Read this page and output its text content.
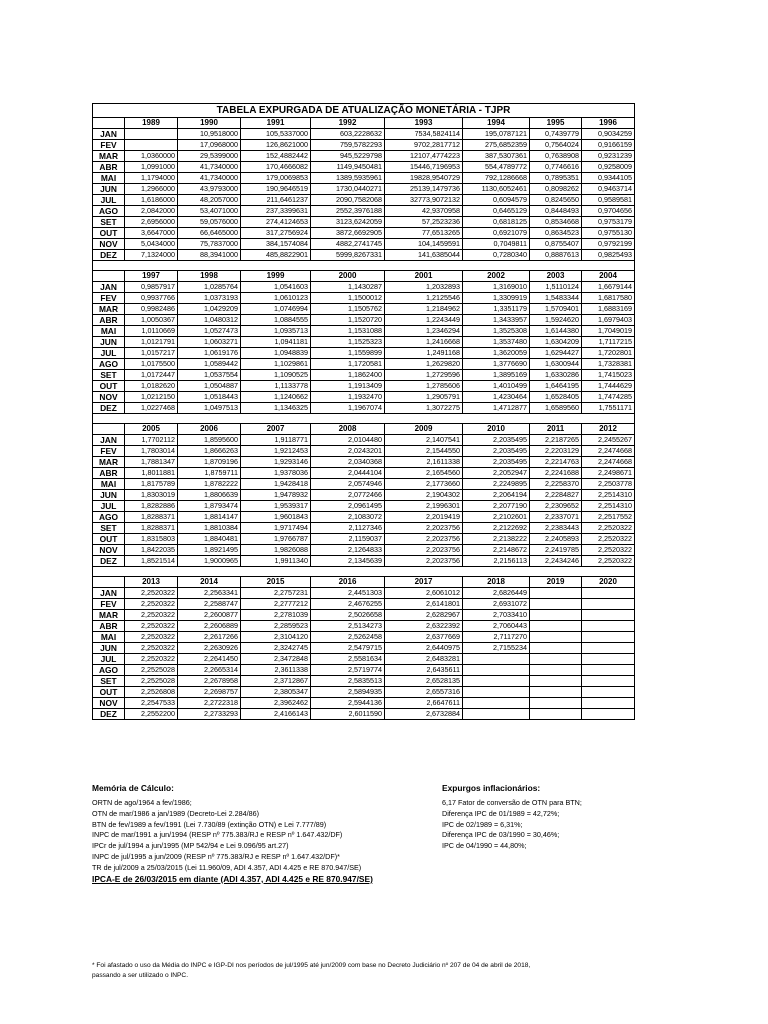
TABELA EXPURGADA DE ATUALIZAÇÃO MONETÁRIA - TJPR								
	1989	1990	1991	1992	1993	1994	1995	1996
JAN		10,9518000	105,5337000	603,2228632	7534,5824114	195,0787121	0,7439779	0,9034259
FEV		17,0968000	126,8621000	759,5782293	9702,2817712	275,6852359	0,7564024	0,9166159
MAR	1,0360000	29,5399000	152,4882442	945,5229798	12107,4774223	387,5307361	0,7638908	0,9231239
ABR	1,0991000	41,7340000	170,4666082	1149,9450481	15446,7196953	554,4789772	0,7746616	0,9258009
MAI	1,1794000	41,7340000	179,0069853	1389,5935961	19828,9540729	792,1286668	0,7895351	0,9344105
JUN	1,2966000	43,9793000	190,9646519	1730,0440271	25139,1479736	1130,6052461	0,8098262	0,9463714
JUL	1,6186000	48,2057000	211,6461237	2090,7582068	32773,9072132	0,6094579	0,8245650	0,9589581
AGO	2,0842000	53,4071000	237,3399631	2552,3976188	42,9370958	0,6465129	0,8448493	0,9704656
SET	2,6956000	59,0576000	274,4124653	3123,6242059	57,2523236	0,6818125	0,8534668	0,9753179
OUT	3,6647000	66,6465000	317,2756924	3872,6692905	77,6513265	0,6921079	0,8634523	0,9755130
NOV	5,0434000	75,7837000	384,1574084	4882,2741745	104,1459591	0,7049811	0,8755407	0,9792199
DEZ	7,1324000	88,3941000	485,8822901	5999,8267331	141,6385044	0,7280340	0,8887613	0,9825493

	1997	1998	1999	2000	2001	2002	2003	2004
JAN	0,9857917	1,0285764	1,0541603	1,1430287	1,2032893	1,3169010	1,5110124	1,6679144
FEV	0,9937766	1,0373193	1,0610123	1,1500012	1,2125546	1,3309919	1,5483344	1,6817580
MAR	0,9982486	1,0429209	1,0746994	1,1505762	1,2184962	1,3351179	1,5709401	1,6883169
ABR	1,0050367	1,0480312	1,0884555	1,1520720	1,2243449	1,3433957	1,5924620	1,6979403
MAI	1,0110669	1,0527473	1,0935713	1,1531088	1,2346294	1,3525308	1,6144380	1,7049019
JUN	1,0121791	1,0603271	1,0941181	1,1525323	1,2416668	1,3537480	1,6304209	1,7117215
JUL	1,0157217	1,0619176	1,0948839	1,1559899	1,2491168	1,3620059	1,6294427	1,7202801
AGO	1,0175500	1,0589442	1,1029861	1,1720581	1,2629820	1,3776690	1,6300944	1,7328381
SET	1,0172447	1,0537554	1,1090525	1,1862400	1,2729596	1,3895169	1,6330286	1,7415023
OUT	1,0182620	1,0504887	1,1133778	1,1913409	1,2785606	1,4010499	1,6464195	1,7444629
NOV	1,0212150	1,0518443	1,1240662	1,1932470	1,2905791	1,4230464	1,6528405	1,7474285
DEZ	1,0227468	1,0497513	1,1346325	1,1967074	1,3072275	1,4712877	1,6589560	1,7551171

	2005	2006	2007	2008	2009	2010	2011	2012
JAN	1,7702112	1,8595600	1,9118771	2,0104480	2,1407541	2,2035495	2,2187265	2,2455267
FEV	1,7803014	1,8666263	1,9212453	2,0243201	2,1544550	2,2035495	2,2203129	2,2474668
MAR	1,7881347	1,8709196	1,9293146	2,0340368	2,1611338	2,2035495	2,2214763	2,2474668
ABR	1,8011881	1,8759711	1,9378036	2,0444104	2,1654560	2,2052947	2,2241688	2,2498671
MAI	1,8175789	1,8782222	1,9428418	2,0574946	2,1773660	2,2249895	2,2258370	2,2503778
JUN	1,8303019	1,8806639	1,9478932	2,0772466	2,1904302	2,2064194	2,2284827	2,2514310
JUL	1,8282886	1,8793474	1,9539317	2,0961495	2,1996301	2,2077190	2,2309652	2,2514310
AGO	1,8288371	1,8814147	1,9601843	2,1083072	2,2019419	2,2102601	2,2337071	2,2517552
SET	1,8288371	1,8810384	1,9717494	2,1127346	2,2023756	2,2122692	2,2383443	2,2520322
OUT	1,8315803	1,8840481	1,9766787	2,1159037	2,2023756	2,2138222	2,2405893	2,2520322
NOV	1,8422035	1,8921495	1,9826088	2,1264833	2,2023756	2,2148672	2,2419785	2,2520322
DEZ	1,8521514	1,9000965	1,9911340	2,1345639	2,2023756	2,2156113	2,2434246	2,2520322

	2013	2014	2015	2016	2017	2018	2019	2020
JAN	2,2520322	2,2563341	2,2757231	2,4451303	2,6061012	2,6826449		
FEV	2,2520322	2,2588747	2,2777212	2,4676255	2,6141801	2,6931072		
MAR	2,2520322	2,2600877	2,2781039	2,5026658	2,6282967	2,7033410		
ABR	2,2520322	2,2606889	2,2859523	2,5134273	2,6322392	2,7060443		
MAI	2,2520322	2,2617266	2,3104120	2,5262458	2,6377669	2,7117270		
JUN	2,2520322	2,2630926	2,3242745	2,5479715	2,6440975	2,7155234		
JUL	2,2520322	2,2641450	2,3472848	2,5581634	2,6483281			
AGO	2,2525028	2,2665314	2,3611338	2,5719774	2,6435611			
SET	2,2525028	2,2678958	2,3712867	2,5835513	2,6528135			
OUT	2,2526808	2,2698757	2,3805347	2,5894935	2,6557316			
NOV	2,2547533	2,2722318	2,3962462	2,5944136	2,6647611			
DEZ	2,2552200	2,2733293	2,4166143	2,6011590	2,6732884			
Memória de Cálculo:
ORTN de ago/1964 a fev/1986;
OTN de mar/1986 a jan/1989 (Decreto-Lei 2.284/86)
BTN de fev/1989 a fev/1991 (Lei 7.730/89 (extinção OTN) e Lei 7.777/89)
INPC de mar/1991 a jun/1994 (RESP nº 775.383/RJ e RESP nº 1.647.432/DF)
IPCr de jul/1994 a jun/1995 (MP 542/94 e Lei 9.096/95 art.27)
INPC de jul/1995 a jun/2009 (RESP nº 775.383/RJ e RESP nº 1.647.432/DF)*
TR de jul/2009 a 25/03/2015 (Lei 11.960/09, ADI 4.357, ADI 4.425 e RE 870.947/SE)
IPCA-E de 26/03/2015 em diante (ADI 4.357, ADI 4.425 e RE 870.947/SE)
Expurgos inflacionários:
6,17 Fator de conversão de OTN para BTN;
Diferença IPC de 01/1989 = 42,72%;
IPC de 02/1989 = 6,31%;
Diferença IPC de 03/1990 = 30,46%;
IPC de 04/1990 = 44,80%;
* Foi afastado o uso da Média do INPC e IGP-DI nos períodos de jul/1995 até jun/2009 com base no Decreto Judiciário nº 207 de 04 de abril de 2018,
passando a ser utilizado o INPC.
